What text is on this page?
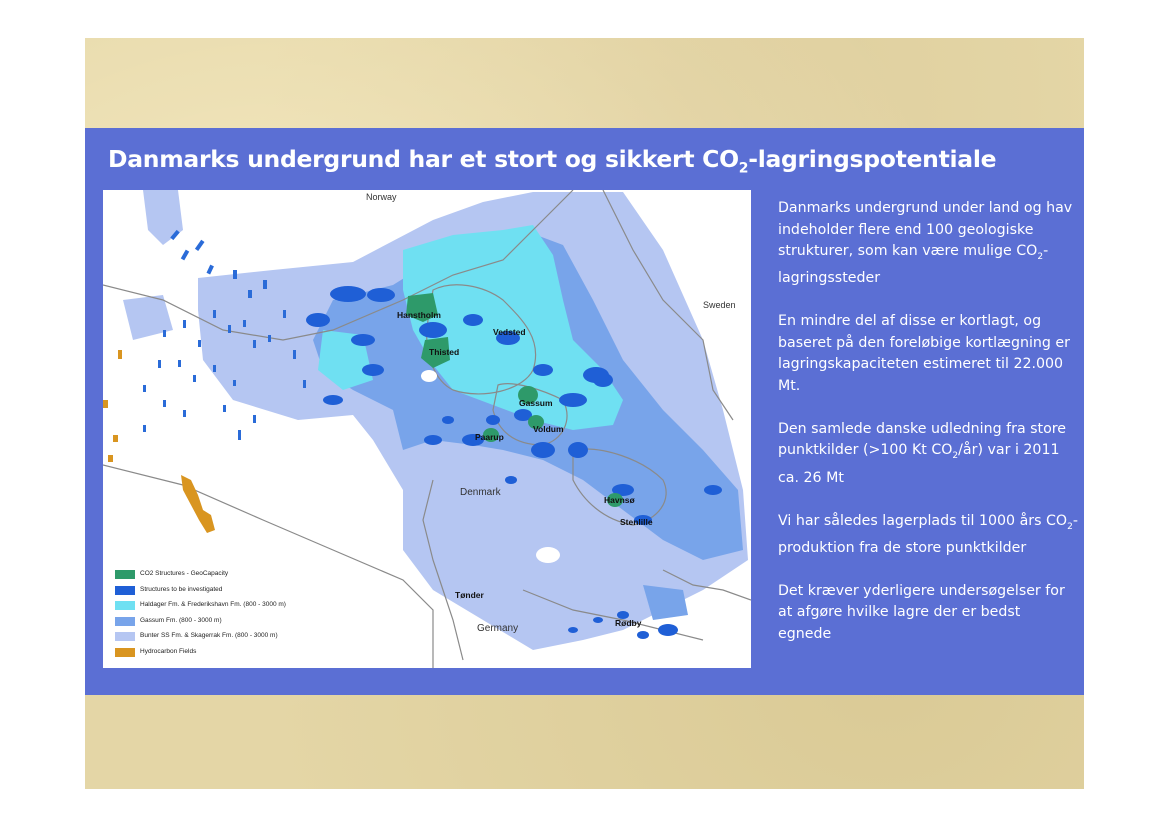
Danmarks undergrund har et stort og sikkert $CO_2$-lagringspotentiale
Norway
Sweden
Denmark
Germany
Hanstholm
Thisted
Vedsted
Gassum
Voldum
Paarup
Havnsø
Stenlille
Tønder
Rødby
CO2 Structures - GeoCapacity
Structures to be investigated
Haldager Fm. & Frederikshavn Fm. (800 - 3000 m)
Gassum Fm. (800 - 3000 m)
Bunter SS Fm. & Skagerrak Fm. (800 - 3000 m)
Hydrocarbon Fields

Danmarks undergrund under land og hav indeholder flere end 100 geologiske strukturer, som kan være mulige $CO_2$-lagringssteder

En mindre del af disse er kortlagt, og baseret på den foreløbige kortlægning er lagringskapaciteten estimeret til 22.000 Mt.

Den samlede danske udledning fra store punktkilder (>100 Kt $CO_2/år$) var i 2011 ca. 26 Mt

Vi har således lagerplads til 1000 års $CO_2$-produktion fra de store punktkilder

Det kræver yderligere undersøgelser for at afgøre hvilke lagre der er bedst egnede
